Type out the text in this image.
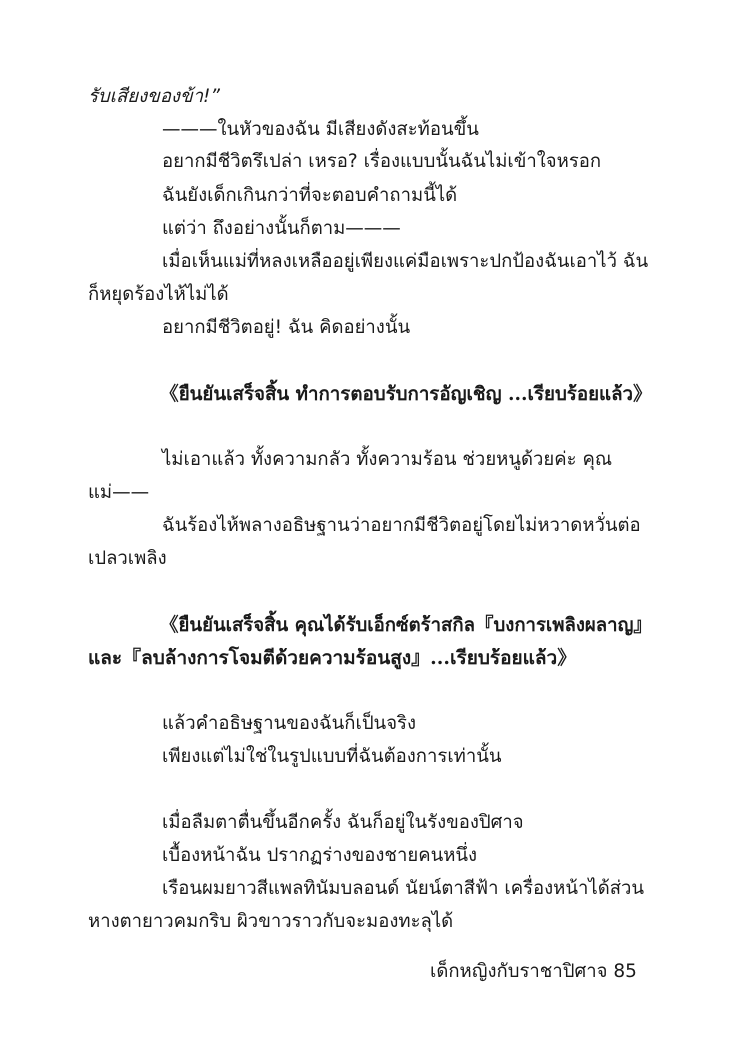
รับเสียงของข้า!”
———ในหัวของฉัน มีเสียงดังสะท้อนขึ้น
อยากมีชีวิตรึเปล่า เหรอ? เรื่องแบบนั้นฉันไม่เข้าใจหรอก
ฉันยังเด็กเกินกว่าที่จะตอบคำถามนี้ได้
แต่ว่า ถึงอย่างนั้นก็ตาม———
เมื่อเห็นแม่ที่หลงเหลืออยู่เพียงแค่มือเพราะปกป้องฉันเอาไว้ ฉัน
ก็หยุดร้องไห้ไม่ได้
อยากมีชีวิตอยู่! ฉัน คิดอย่างนั้น
《ยืนยันเสร็จสิ้น ทำการตอบรับการอัญเชิญ ...เรียบร้อยแล้ว》
ไม่เอาแล้ว ทั้งความกลัว ทั้งความร้อน ช่วยหนูด้วยค่ะ คุณ
แม่——
ฉันร้องไห้พลางอธิษฐานว่าอยากมีชีวิตอยู่โดยไม่หวาดหวั่นต่อ
เปลวเพลิง
《ยืนยันเสร็จสิ้น คุณได้รับเอ็กซ์ตร้าสกิล『บงการเพลิงผลาญ』
และ『ลบล้างการโจมตีด้วยความร้อนสูง』...เรียบร้อยแล้ว》
แล้วคำอธิษฐานของฉันก็เป็นจริง
เพียงแต่ไม่ใช่ในรูปแบบที่ฉันต้องการเท่านั้น
เมื่อลืมตาตื่นขึ้นอีกครั้ง ฉันก็อยู่ในรังของปิศาจ
เบื้องหน้าฉัน ปรากฏร่างของชายคนหนึ่ง
เรือนผมยาวสีแพลทินัมบลอนด์ นัยน์ตาสีฟ้า เครื่องหน้าได้ส่วน
หางตายาวคมกริบ ผิวขาวราวกับจะมองทะลุได้
เด็กหญิงกับราชาปิศาจ 85
